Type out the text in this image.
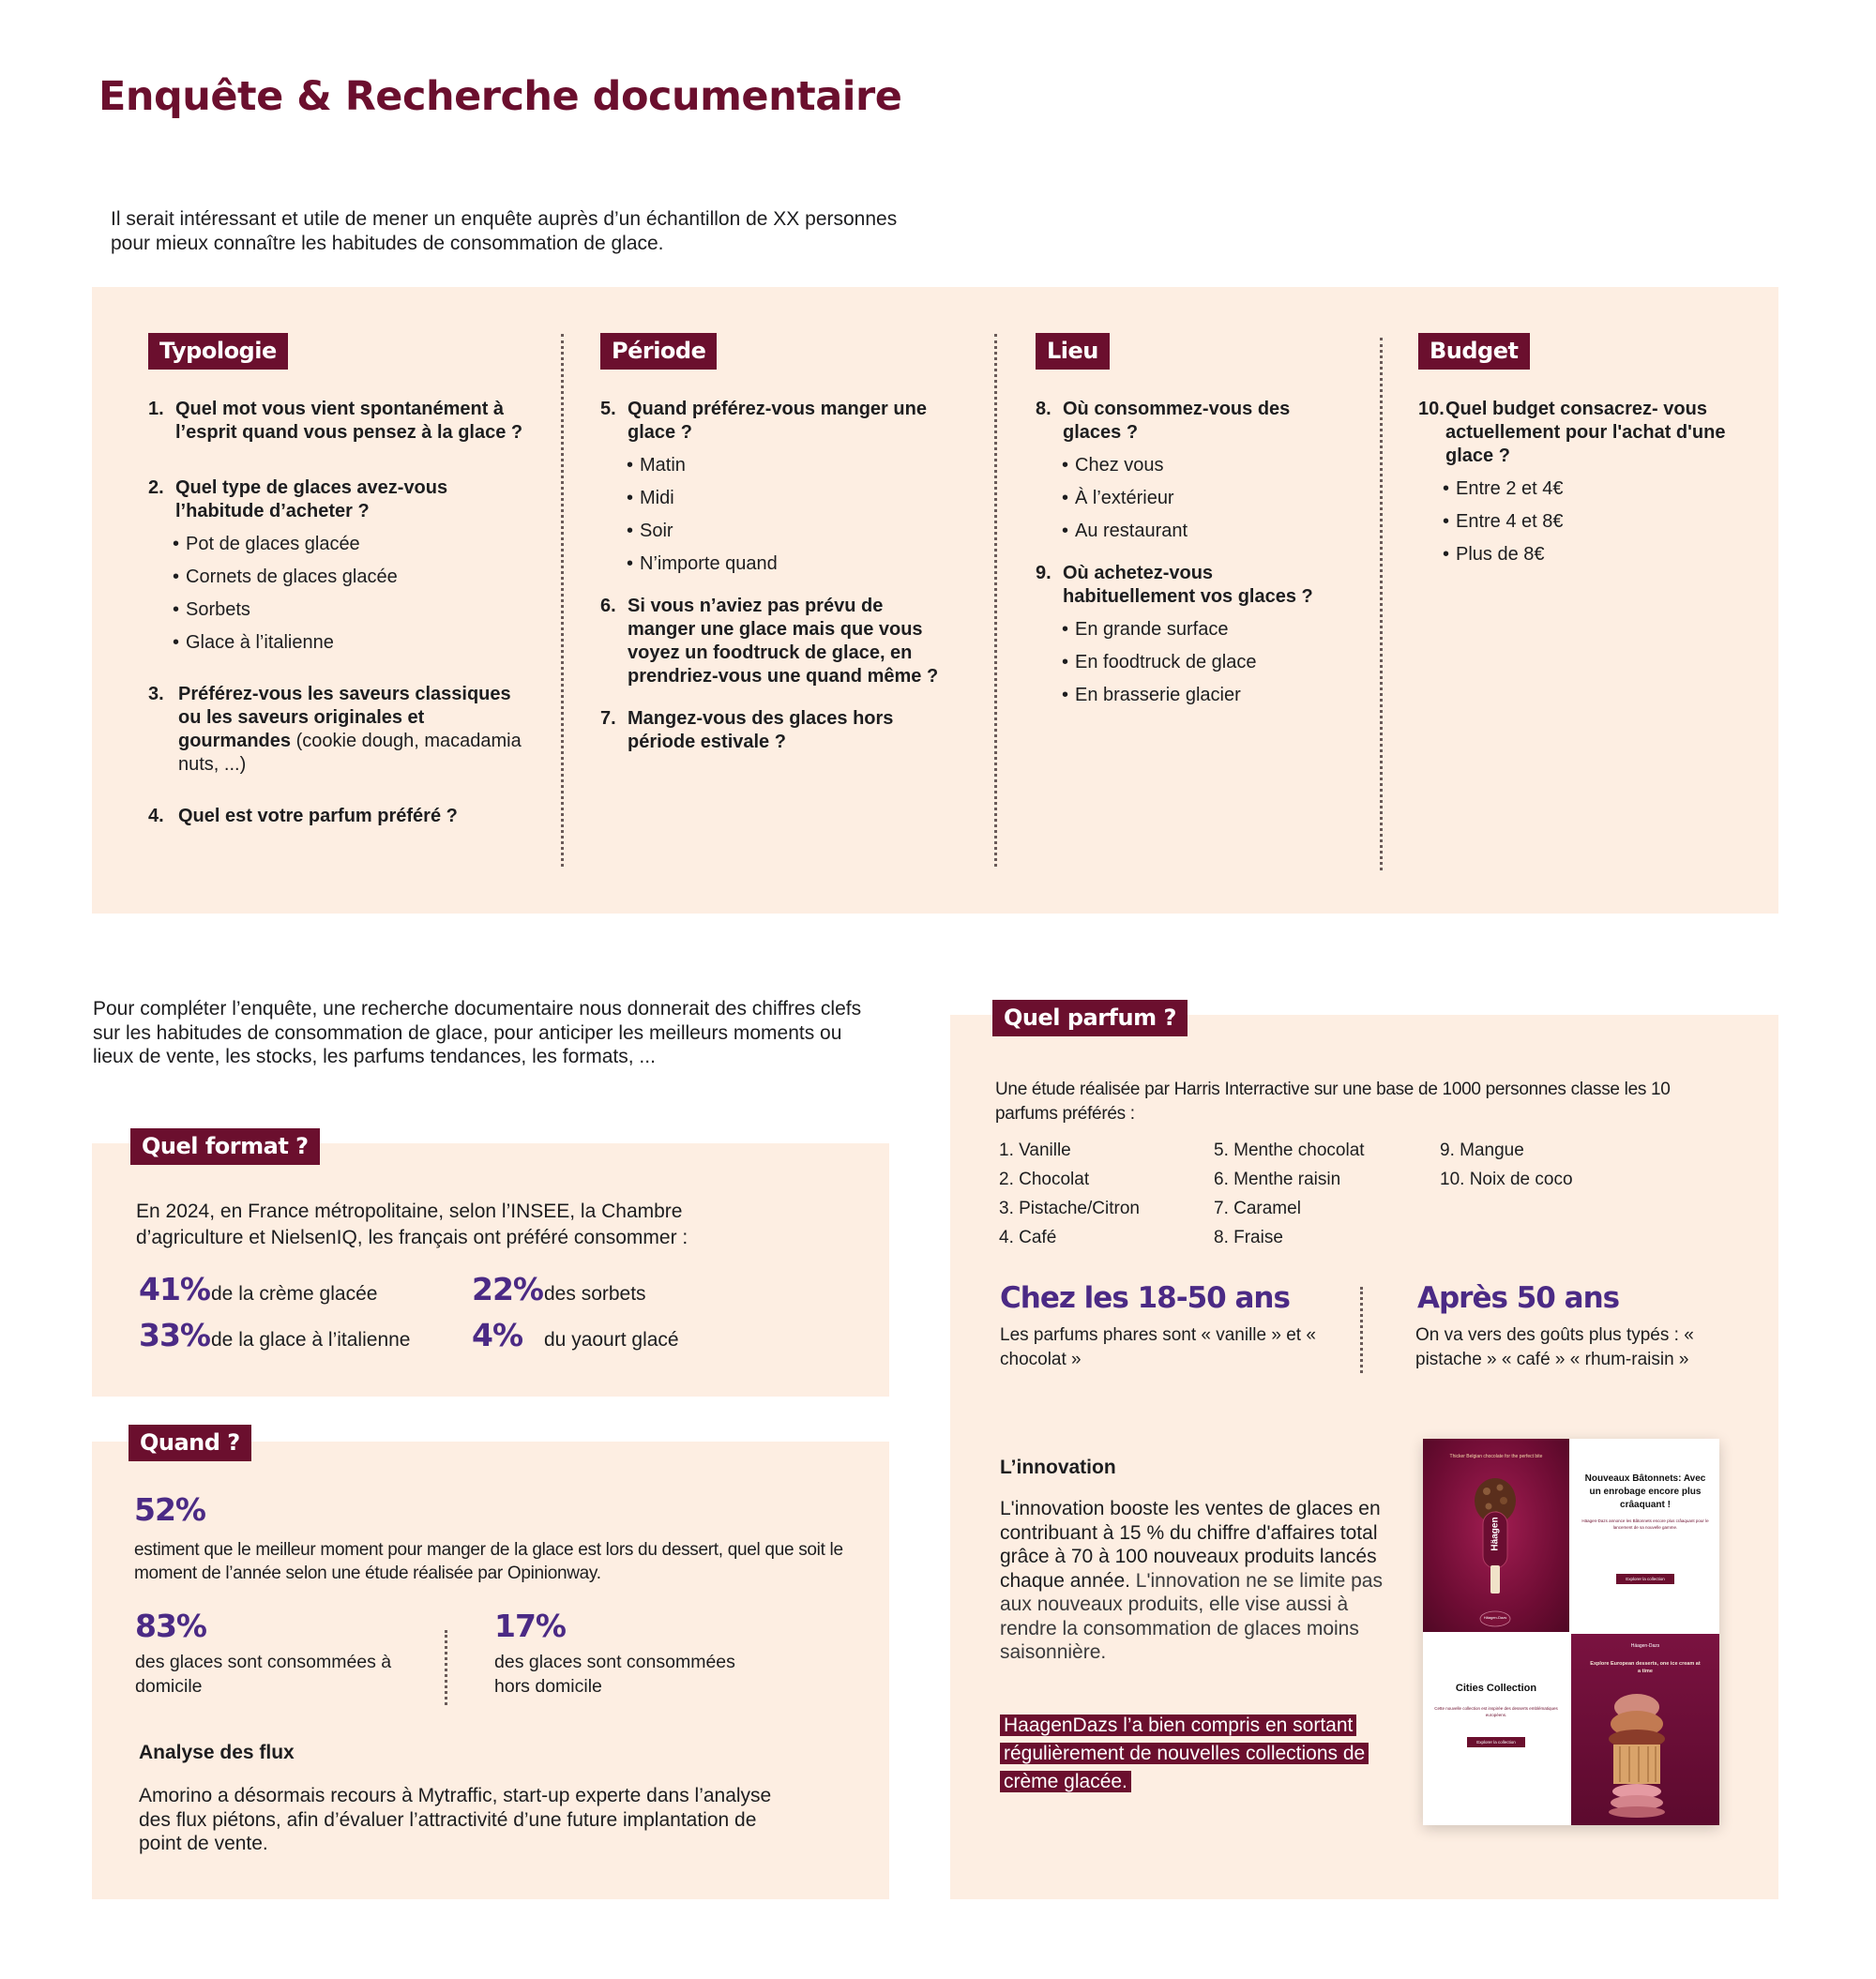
Enquête & Recherche documentaire
Il serait intéressant et utile de mener un enquête auprès d’un échantillon de XX personnes pour mieux connaître les habitudes de consommation de glace.
Typologie
1. Quel mot vous vient spontanément à l’esprit quand vous pensez à la glace ?
2. Quel type de glaces avez-vous l’habitude d’acheter ?
• Pot de glaces glacée
• Cornets de glaces glacée
• Sorbets
• Glace à l’italienne
3. Préférez-vous les saveurs classiques ou les saveurs originales et gourmandes (cookie dough, macadamia nuts, ...)
4. Quel est votre parfum préféré ?
Période
5. Quand préférez-vous manger une glace ?
• Matin
• Midi
• Soir
• N’importe quand
6. Si vous n’aviez pas prévu de manger une glace mais que vous voyez un foodtruck de glace, en prendriez-vous une quand même ?
7. Mangez-vous des glaces hors période estivale ?
Lieu
8. Où consommez-vous des glaces ?
• Chez vous
• À l’extérieur
• Au restaurant
9. Où achetez-vous habituellement vos glaces ?
• En grande surface
• En foodtruck de glace
• En brasserie glacier
Budget
10. Quel budget consacrez- vous actuellement pour l'achat d'une glace ?
• Entre 2 et 4€
• Entre 4 et 8€
• Plus de 8€
Pour compléter l’enquête, une recherche documentaire nous donnerait des chiffres clefs sur les habitudes de consommation de glace, pour anticiper les meilleurs moments ou lieux de vente, les stocks, les parfums tendances, les formats, ...
Quel format ?
En 2024, en France métropolitaine, selon l’INSEE, la Chambre d’agriculture et NielsenIQ, les français ont préféré consommer :
41% de la crème glacée	22% des sorbets
33% de la glace à l’italienne 4%	du yaourt glacé
Quand ?
52%
estiment que le meilleur moment pour manger de la glace est lors du dessert, quel que soit le moment de l’année selon une étude réalisée par Opinionway.
83%
des glaces sont consommées à domicile
17%
des glaces sont consommées hors domicile
Analyse des flux
Amorino a désormais recours à Mytraffic, start-up experte dans l’analyse des flux piétons, afin d’évaluer l’attractivité d’une future implantation de point de vente.
Quel parfum ?
Une étude réalisée par Harris Interractive sur une base de 1000 personnes classe les 10 parfums préférés :
1. Vanille
2. Chocolat
3. Pistache/Citron
4. Café
5. Menthe chocolat
6. Menthe raisin
7. Caramel
8. Fraise
9. Mangue
10. Noix de coco
Chez les 18-50 ans
Les parfums phares sont « vanille » et « chocolat »
Après 50 ans
On va vers des goûts plus typés : « pistache » « café » « rhum-raisin »
L’innovation
L'innovation booste les ventes de glaces en contribuant à 15 % du chiffre d'affaires total grâce à 70 à 100 nouveaux produits lancés chaque année. L'innovation ne se limite pas aux nouveaux produits, elle vise aussi à rendre la consommation de glaces moins saisonnière.
HaagenDazs l’a bien compris en sortant régulièrement de nouvelles collections de crème glacée.
Thicker Belgian chocolate for the perfect bite
Häagen
Häagen-Dazs
Nouveaux Bâtonnets: Avec un enrobage encore plus crâaquant !
Häagen-Dazs annonce les Bâtonnets encore plus crâaquant pour le lancement de sa nouvelle gamme.
Explorer la collection
Cities Collection
Cette nouvelle collection est inspirée des desserts emblématiques européens.
Explorer la collection
Häagen-Dazs
Explore European desserts, one ice cream at a time
